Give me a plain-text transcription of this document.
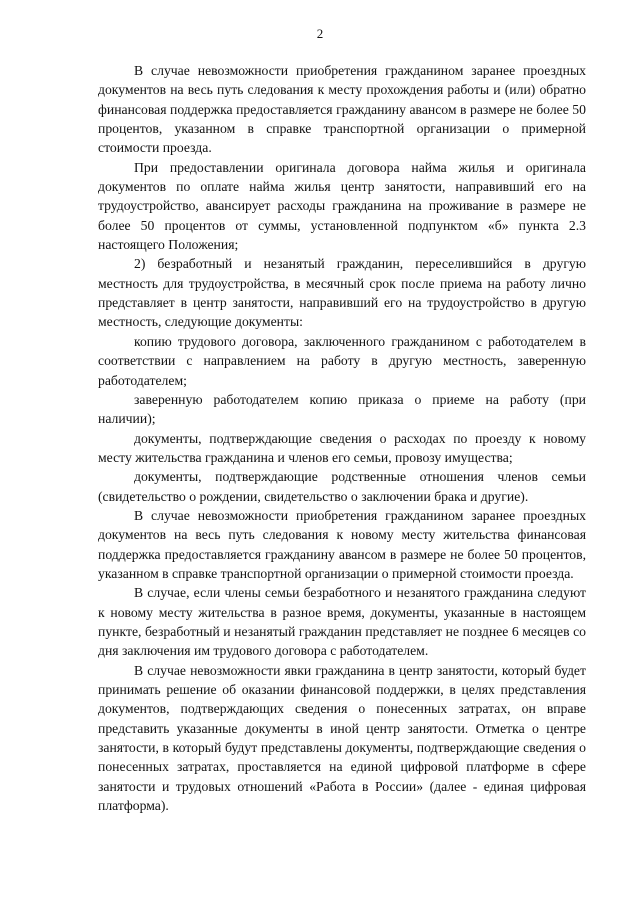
2

В случае невозможности приобретения гражданином заранее проездных документов на весь путь следования к месту прохождения работы и (или) обратно финансовая поддержка предоставляется гражданину авансом в размере не более 50 процентов, указанном в справке транспортной организации о примерной стоимости проезда.

При предоставлении оригинала договора найма жилья и оригинала документов по оплате найма жилья центр занятости, направивший его на трудоустройство, авансирует расходы гражданина на проживание в размере не более 50 процентов от суммы, установленной подпунктом «б» пункта 2.3 настоящего Положения;

2) безработный и незанятый гражданин, переселившийся в другую местность для трудоустройства, в месячный срок после приема на работу лично представляет в центр занятости, направивший его на трудоустройство в другую местность, следующие документы:

копию трудового договора, заключенного гражданином с работодателем в соответствии с направлением на работу в другую местность, заверенную работодателем;

заверенную работодателем копию приказа о приеме на работу (при наличии);

документы, подтверждающие сведения о расходах по проезду к новому месту жительства гражданина и членов его семьи, провозу имущества;

документы, подтверждающие родственные отношения членов семьи (свидетельство о рождении, свидетельство о заключении брака и другие).

В случае невозможности приобретения гражданином заранее проездных документов на весь путь следования к новому месту жительства финансовая поддержка предоставляется гражданину авансом в размере не более 50 процентов, указанном в справке транспортной организации о примерной стоимости проезда.

В случае, если члены семьи безработного и незанятого гражданина следуют к новому месту жительства в разное время, документы, указанные в настоящем пункте, безработный и незанятый гражданин представляет не позднее 6 месяцев со дня заключения им трудового договора с работодателем.

В случае невозможности явки гражданина в центр занятости, который будет принимать решение об оказании финансовой поддержки, в целях представления документов, подтверждающих сведения о понесенных затратах, он вправе представить указанные документы в иной центр занятости. Отметка о центре занятости, в который будут представлены документы, подтверждающие сведения о понесенных затратах, проставляется на единой цифровой платформе в сфере занятости и трудовых отношений «Работа в России» (далее - единая цифровая платформа).
